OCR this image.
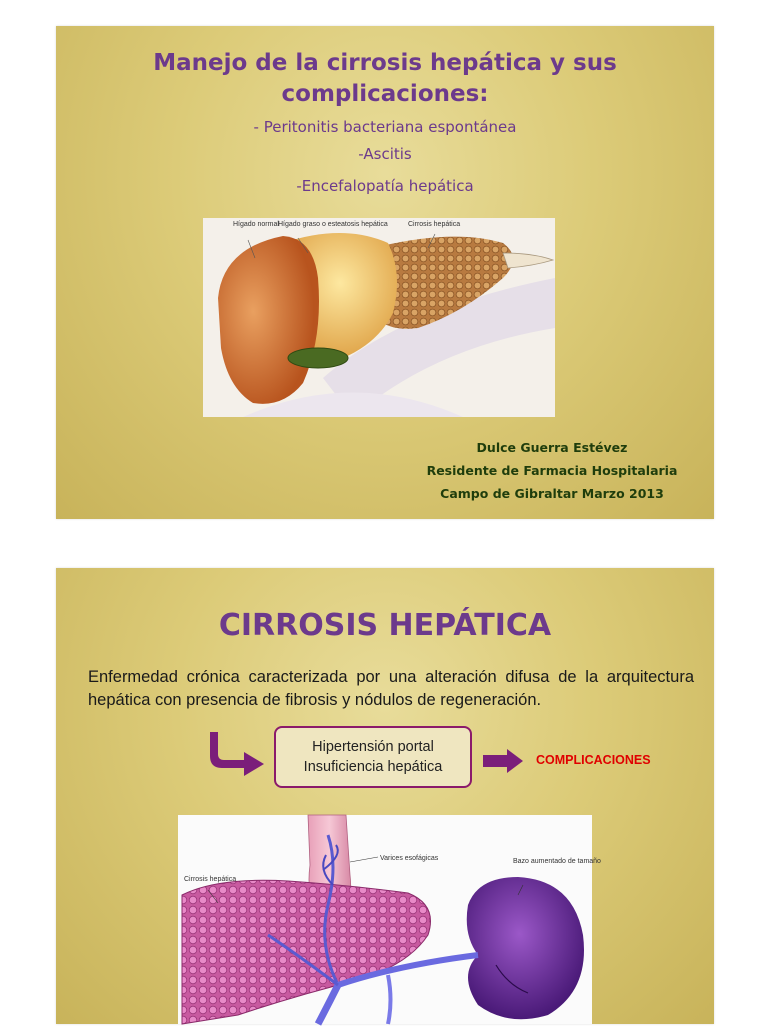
Manejo de la cirrosis hepática y sus
complicaciones:
- Peritonitis bacteriana espontánea
-Ascitis
-Encefalopatía hepática
Hígado normal Hígado graso o esteatosis hepática	Cirrosis hepática
Dulce Guerra Estévez
Residente de Farmacia Hospitalaria
Campo de Gibraltar Marzo 2013
CIRROSIS HEPÁTICA
Enfermedad crónica caracterizada por una alteración difusa de la arquitectura hepática con presencia de fibrosis y nódulos de regeneración.
Hipertensión portal
Insuficiencia hepática	COMPLICACIONES
Varices esofágicas
Cirrosis hepática
Bazo aumentado de tamaño
